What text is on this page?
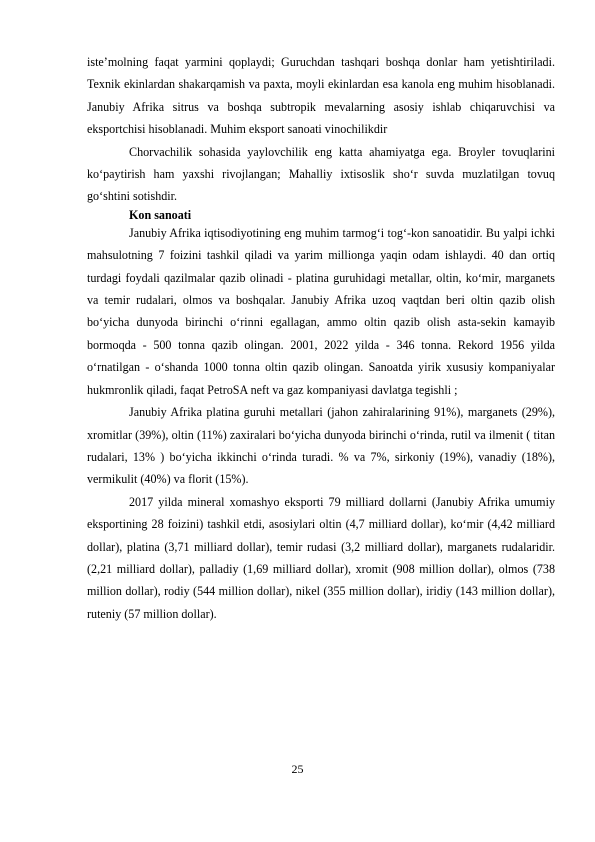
isteʼmolning faqat yarmini qoplaydi; Guruchdan tashqari boshqa donlar ham yetishtiriladi. Texnik ekinlardan shakarqamish va paxta, moyli ekinlardan esa kanola eng muhim hisoblanadi. Janubiy Afrika sitrus va boshqa subtropik mevalarning asosiy ishlab chiqaruvchisi va eksportchisi hisoblanadi. Muhim eksport sanoati vinochilikdir

Chorvachilik sohasida yaylovchilik eng katta ahamiyatga ega. Broyler tovuqlarini koʻpaytirish ham yaxshi rivojlangan; Mahalliy ixtisoslik shoʻr suvda muzlatilgan tovuq goʻshtini sotishdir.

Kon sanoati

Janubiy Afrika iqtisodiyotining eng muhim tarmogʻi togʻ-kon sanoatidir. Bu yalpi ichki mahsulotning 7 foizini tashkil qiladi va yarim millionga yaqin odam ishlaydi. 40 dan ortiq turdagi foydali qazilmalar qazib olinadi - platina guruhidagi metallar, oltin, koʻmir, marganets va temir rudalari, olmos va boshqalar. Janubiy Afrika uzoq vaqtdan beri oltin qazib olish boʻyicha dunyoda birinchi oʻrinni egallagan, ammo oltin qazib olish asta-sekin kamayib bormoqda - 500 tonna qazib olingan. 2001, 2022 yilda - 346 tonna. Rekord 1956 yilda oʻrnatilgan - oʻshanda 1000 tonna oltin qazib olingan. Sanoatda yirik xususiy kompaniyalar hukmronlik qiladi, faqat PetroSA neft va gaz kompaniyasi davlatga tegishli ;

Janubiy Afrika platina guruhi metallari (jahon zahiralarining 91%), marganets (29%), xromitlar (39%), oltin (11%) zaxiralari boʻyicha dunyoda birinchi oʻrinda, rutil va ilmenit ( titan rudalari, 13% ) boʻyicha ikkinchi oʻrinda turadi. % va 7%, sirkoniy (19%), vanadiy (18%), vermikulit (40%) va florit (15%).

2017 yilda mineral xomashyo eksporti 79 milliard dollarni (Janubiy Afrika umumiy eksportining 28 foizini) tashkil etdi, asosiylari oltin (4,7 milliard dollar), koʻmir (4,42 milliard dollar), platina (3,71 milliard dollar), temir rudasi (3,2 milliard dollar), marganets rudalaridir. (2,21 milliard dollar), palladiy (1,69 milliard dollar), xromit (908 million dollar), olmos (738 million dollar), rodiy (544 million dollar), nikel (355 million dollar), iridiy (143 million dollar), ruteniy (57 million dollar).

25
